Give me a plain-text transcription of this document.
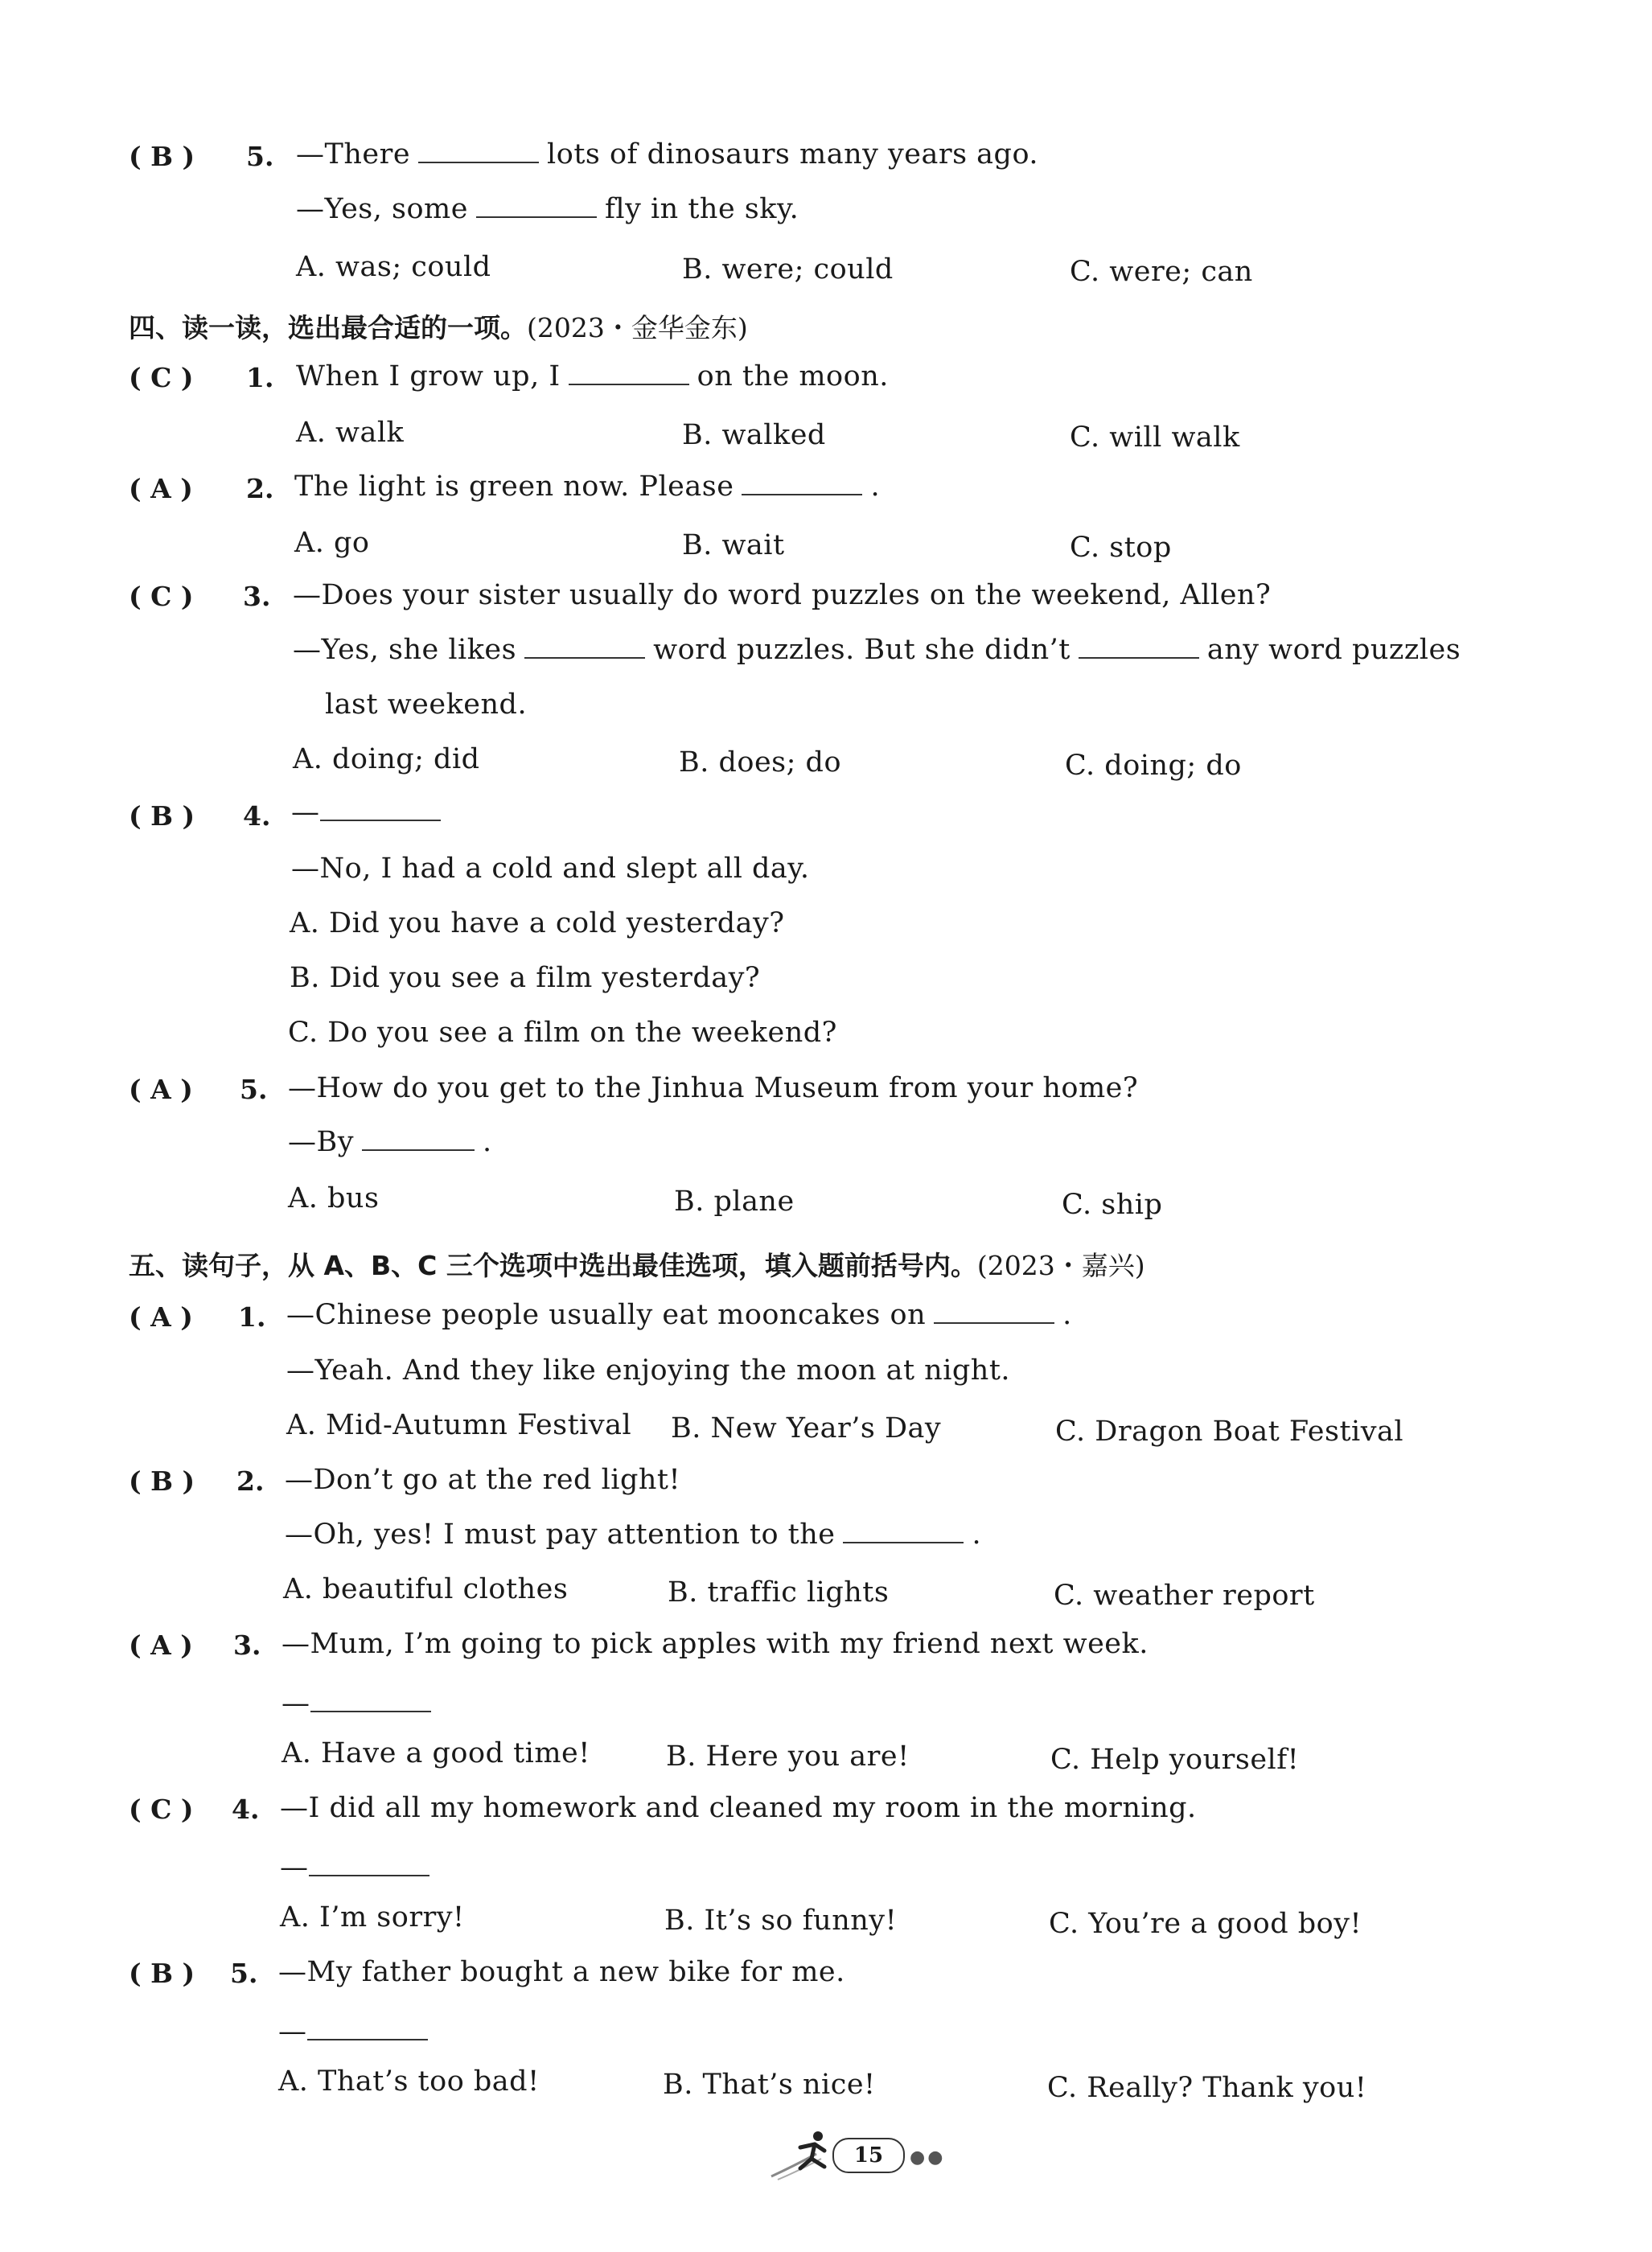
( B ) 5. —There	lots of dinosaurs many years ago.
—Yes, some	fly in the sky.
A. was; could	B. were; could	C. were; can
四、读一读，选出最合适的一项。(2023・金华金东)
( C ) 1. When I grow up, I	on the moon.
A. walk	B. walked	C. will walk
( A ) 2. The light is green now. Please	.
A. go	B. wait	C. stop
( C ) 3. —Does your sister usually do word puzzles on the weekend, Allen?
—Yes, she likes	word puzzles. But she didn’t	any word puzzles
last weekend.
A. doing; did	B. does; do	C. doing; do
( B ) 4. —
—No, I had a cold and slept all day.
A. Did you have a cold yesterday?
B. Did you see a film yesterday?
C. Do you see a film on the weekend?
( A ) 5. —How do you get to the Jinhua Museum from your home?
—By	.
A. bus	B. plane	C. ship
五、读句子，从 A、B、C 三个选项中选出最佳选项，填入题前括号内。(2023・嘉兴)
( A ) 1. —Chinese people usually eat mooncakes on	.
—Yeah. And they like enjoying the moon at night.
A. Mid-Autumn Festival B. New Year’s Day	C. Dragon Boat Festival
( B ) 2. —Don’t go at the red light!
—Oh, yes! I must pay attention to the	.
A. beautiful clothes	B. traffic lights	C. weather report
( A ) 3. —Mum, I’m going to pick apples with my friend next week.
—
A. Have a good time!	B. Here you are!	C. Help yourself!
( C ) 4. —I did all my homework and cleaned my room in the morning.
—
A. I’m sorry!	B. It’s so funny!	C. You’re a good boy!
( B ) 5. —My father bought a new bike for me.
—
A. That’s too bad!	B. That’s nice!	C. Really? Thank you!
15	●●
